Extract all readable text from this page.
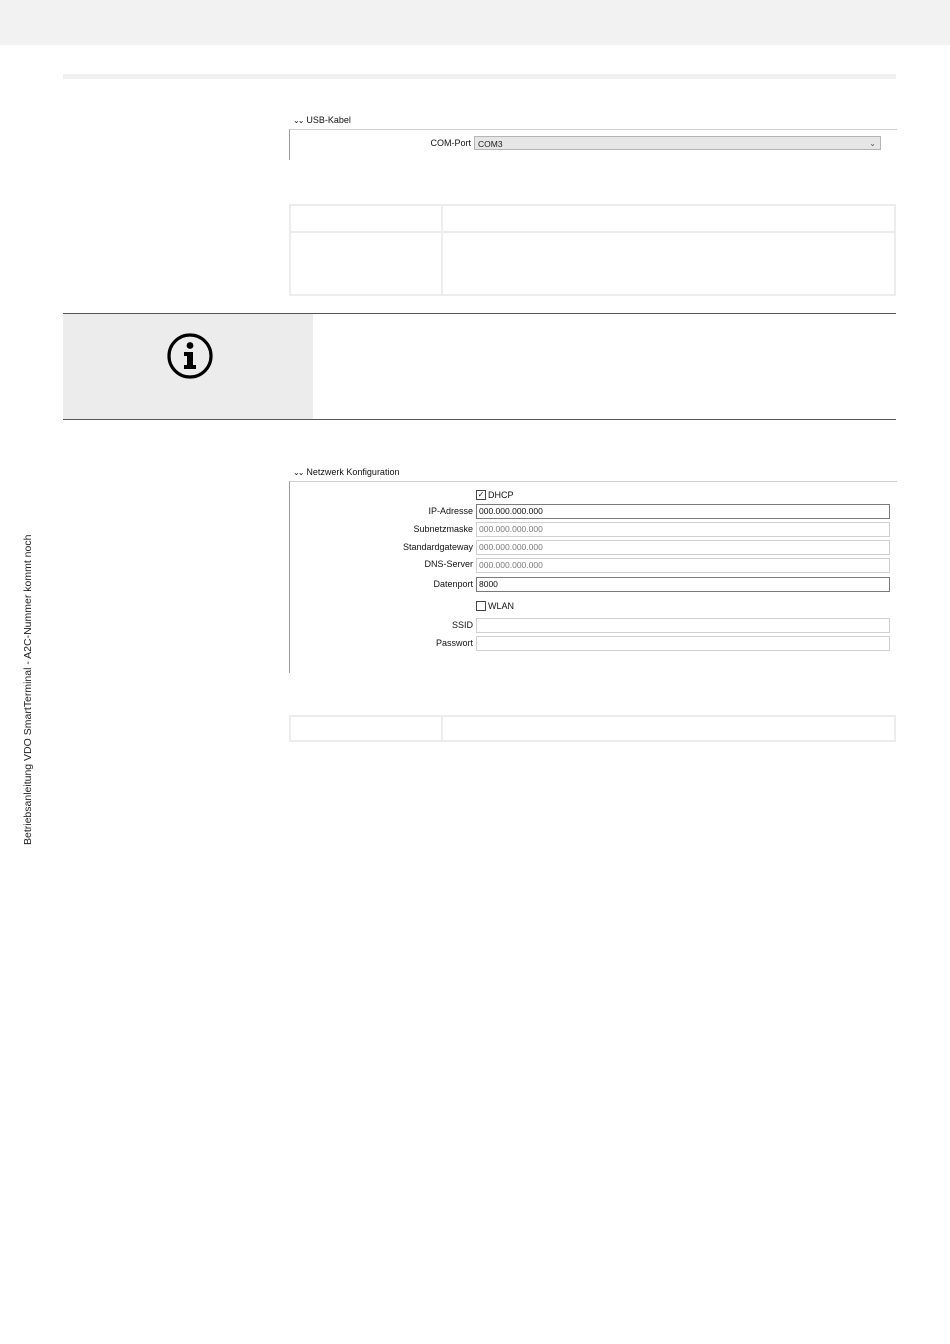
⌄⌄ USB-Kabel
COM-Port COM3	⌄
⌄⌄ Netzwerk Konfiguration
✓ DHCP
IP-Adresse 000.000.000.000
Subnetzmaske 000.000.000.000
Standardgateway 000.000.000.000
DNS-Server 000.000.000.000
Datenport 8000
WLAN
SSID
Passwort
Betriebsanleitung VDO SmartTerminal - A2C-Nummer kommt noch
